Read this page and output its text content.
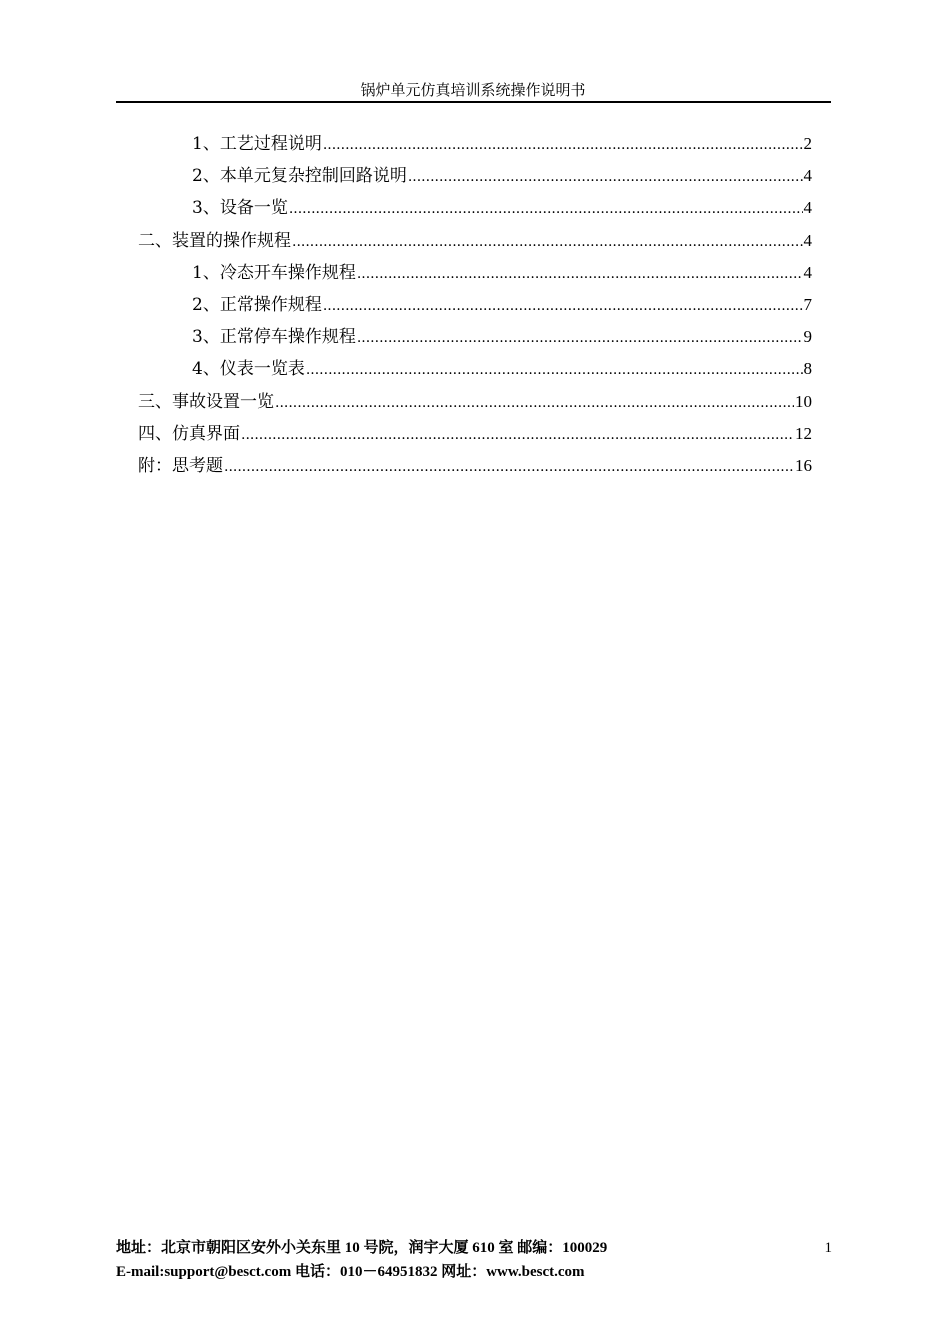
锅炉单元仿真培训系统操作说明书
1、工艺过程说明 .....	2
2、本单元复杂控制回路说明 .....	4
3、设备一览 .....	4
二、装置的操作规程 .....	4
1、冷态开车操作规程 .....	4
2、正常操作规程 .....	7
3、正常停车操作规程 .....	9
4、仪表一览表 .....	8
三、事故设置一览 .....	10
四、仿真界面 .....	12
附：思考题 .....	16
地址：北京市朝阳区安外小关东里 10 号院，润宇大厦 610 室 邮编：100029
E-mail:support@besct.com 电话：010－64951832 网址：www.besct.com
1
